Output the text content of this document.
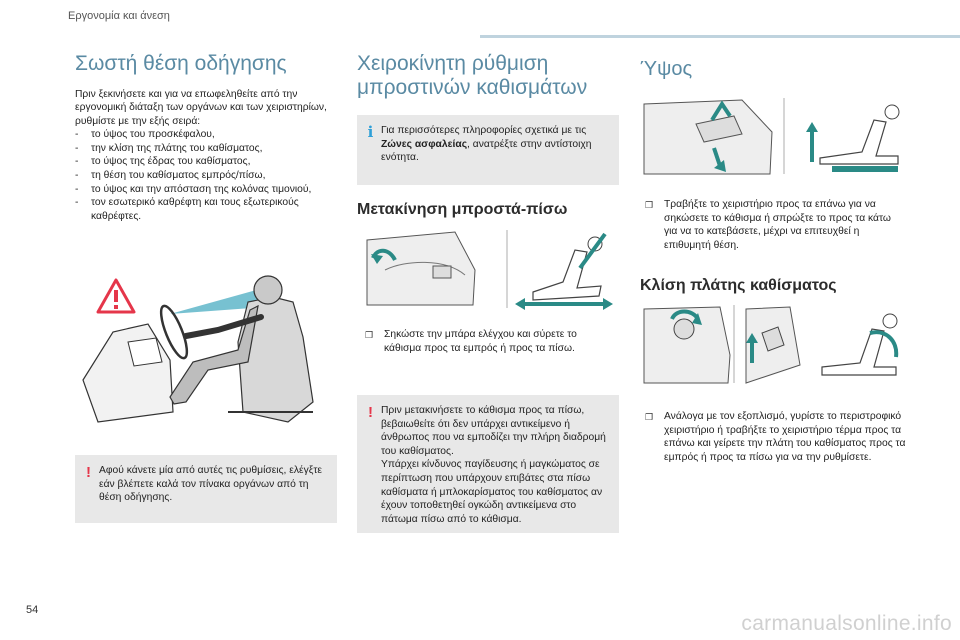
Εργονομία και άνεση
Σωστή θέση οδήγησης

Πριν ξεκινήσετε και για να επωφεληθείτε από την εργονομική διάταξη των οργάνων και των χειριστηρίων, ρυθμίστε με την εξής σειρά:

- το ύψος του προσκέφαλου,
- την κλίση της πλάτης του καθίσματος,
- το ύψος της έδρας του καθίσματος,
- τη θέση του καθίσματος εμπρός/πίσω,
- το ύψος και την απόσταση της κολόνας τιμονιού,
- τον εσωτερικό καθρέφτη και τους εξωτερικούς καθρέφτες.
! Αφού κάνετε μία από αυτές τις ρυθμίσεις, ελέγξτε εάν βλέπετε καλά τον πίνακα οργάνων από τη θέση οδήγησης.
Χειροκίνητη ρύθμιση μπροστινών καθισμάτων
i Για περισσότερες πληροφορίες σχετικά με τις Ζώνες ασφαλείας, ανατρέξτε στην αντίστοιχη ενότητα.
Μετακίνηση μπροστά-πίσω
❒ Σηκώστε την μπάρα ελέγχου και σύρετε το κάθισμα προς τα εμπρός ή προς τα πίσω.
! Πριν μετακινήσετε το κάθισμα προς τα πίσω, βεβαιωθείτε ότι δεν υπάρχει αντικείμενο ή άνθρωπος που να εμποδίζει την πλήρη διαδρομή του καθίσματος.
Υπάρχει κίνδυνος παγίδευσης ή μαγκώματος σε περίπτωση που υπάρχουν επιβάτες στα πίσω καθίσματα ή μπλοκαρίσματος του καθίσματος αν έχουν τοποθετηθεί ογκώδη αντικείμενα στο πάτωμα πίσω από το κάθισμα.
Ύψος
❒ Τραβήξτε το χειριστήριο προς τα επάνω για να σηκώσετε το κάθισμα ή σπρώξτε το προς τα κάτω για να το κατεβάσετε, μέχρι να επιτευχθεί η επιθυμητή θέση.
Κλίση πλάτης καθίσματος
❒ Ανάλογα με τον εξοπλισμό, γυρίστε το περιστροφικό χειριστήριο ή τραβήξτε το χειριστήριο τέρμα προς τα επάνω και γείρετε την πλάτη του καθίσματος προς τα εμπρός ή προς τα πίσω για να την ρυθμίσετε.
54
carmanualsonline.info
